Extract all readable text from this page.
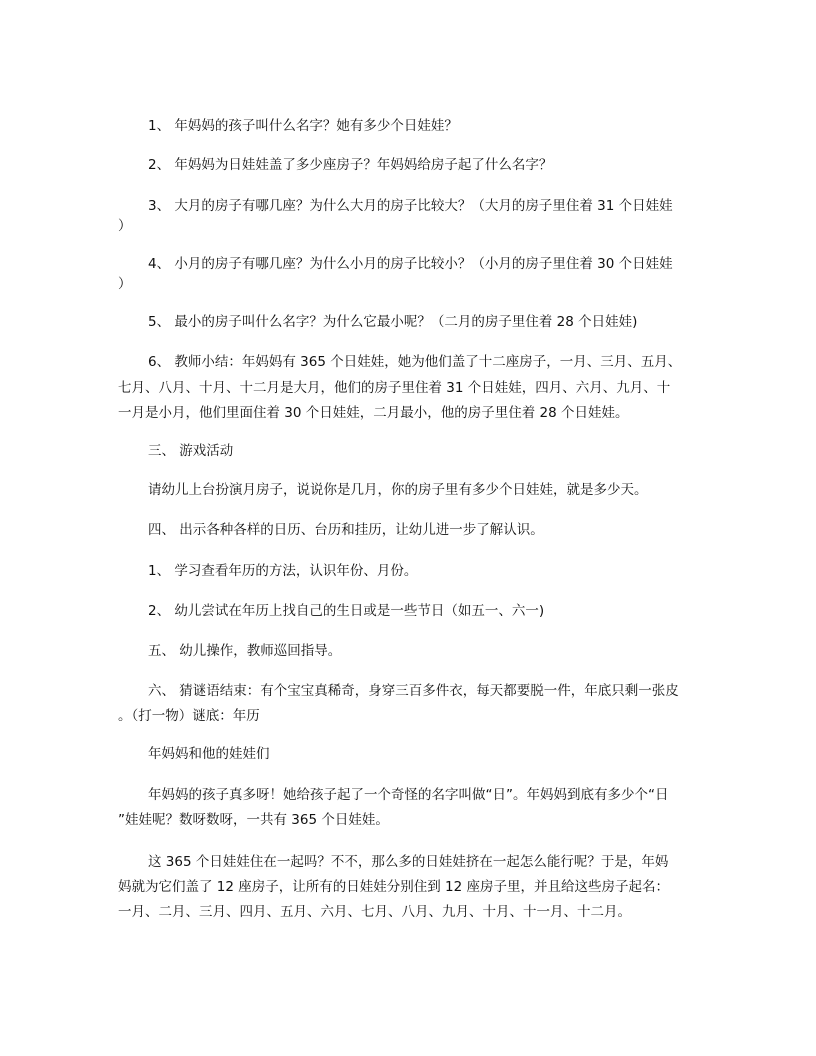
1、 年妈妈的孩子叫什么名字？她有多少个日娃娃？
2、 年妈妈为日娃娃盖了多少座房子？年妈妈给房子起了什么名字？
3、 大月的房子有哪几座？为什么大月的房子比较大？（大月的房子里住着 31 个日娃娃
）
4、 小月的房子有哪几座？为什么小月的房子比较小？（小月的房子里住着 30 个日娃娃
）
5、 最小的房子叫什么名字？为什么它最小呢？（二月的房子里住着 28 个日娃娃)
6、 教师小结：年妈妈有 365 个日娃娃，她为他们盖了十二座房子，一月、三月、五月、
七月、八月、十月、十二月是大月，他们的房子里住着 31 个日娃娃，四月、六月、九月、十
一月是小月，他们里面住着 30 个日娃娃，二月最小，他的房子里住着 28 个日娃娃。
三、 游戏活动
请幼儿上台扮演月房子，说说你是几月，你的房子里有多少个日娃娃，就是多少天。
四、 出示各种各样的日历、台历和挂历，让幼儿进一步了解认识。
1、 学习查看年历的方法，认识年份、月份。
2、 幼儿尝试在年历上找自己的生日或是一些节日（如五一、六一)
五、 幼儿操作，教师巡回指导。
六、 猜谜语结束：有个宝宝真稀奇，身穿三百多件衣，每天都要脱一件，年底只剩一张皮
。（打一物）谜底：年历
年妈妈和他的娃娃们
年妈妈的孩子真多呀！她给孩子起了一个奇怪的名字叫做“日”。年妈妈到底有多少个“日
”娃娃呢？数呀数呀，一共有 365 个日娃娃。
这 365 个日娃娃住在一起吗？不不，那么多的日娃娃挤在一起怎么能行呢？于是，年妈
妈就为它们盖了 12 座房子，让所有的日娃娃分别住到 12 座房子里，并且给这些房子起名：
一月、二月、三月、四月、五月、六月、七月、八月、九月、十月、十一月、十二月。
